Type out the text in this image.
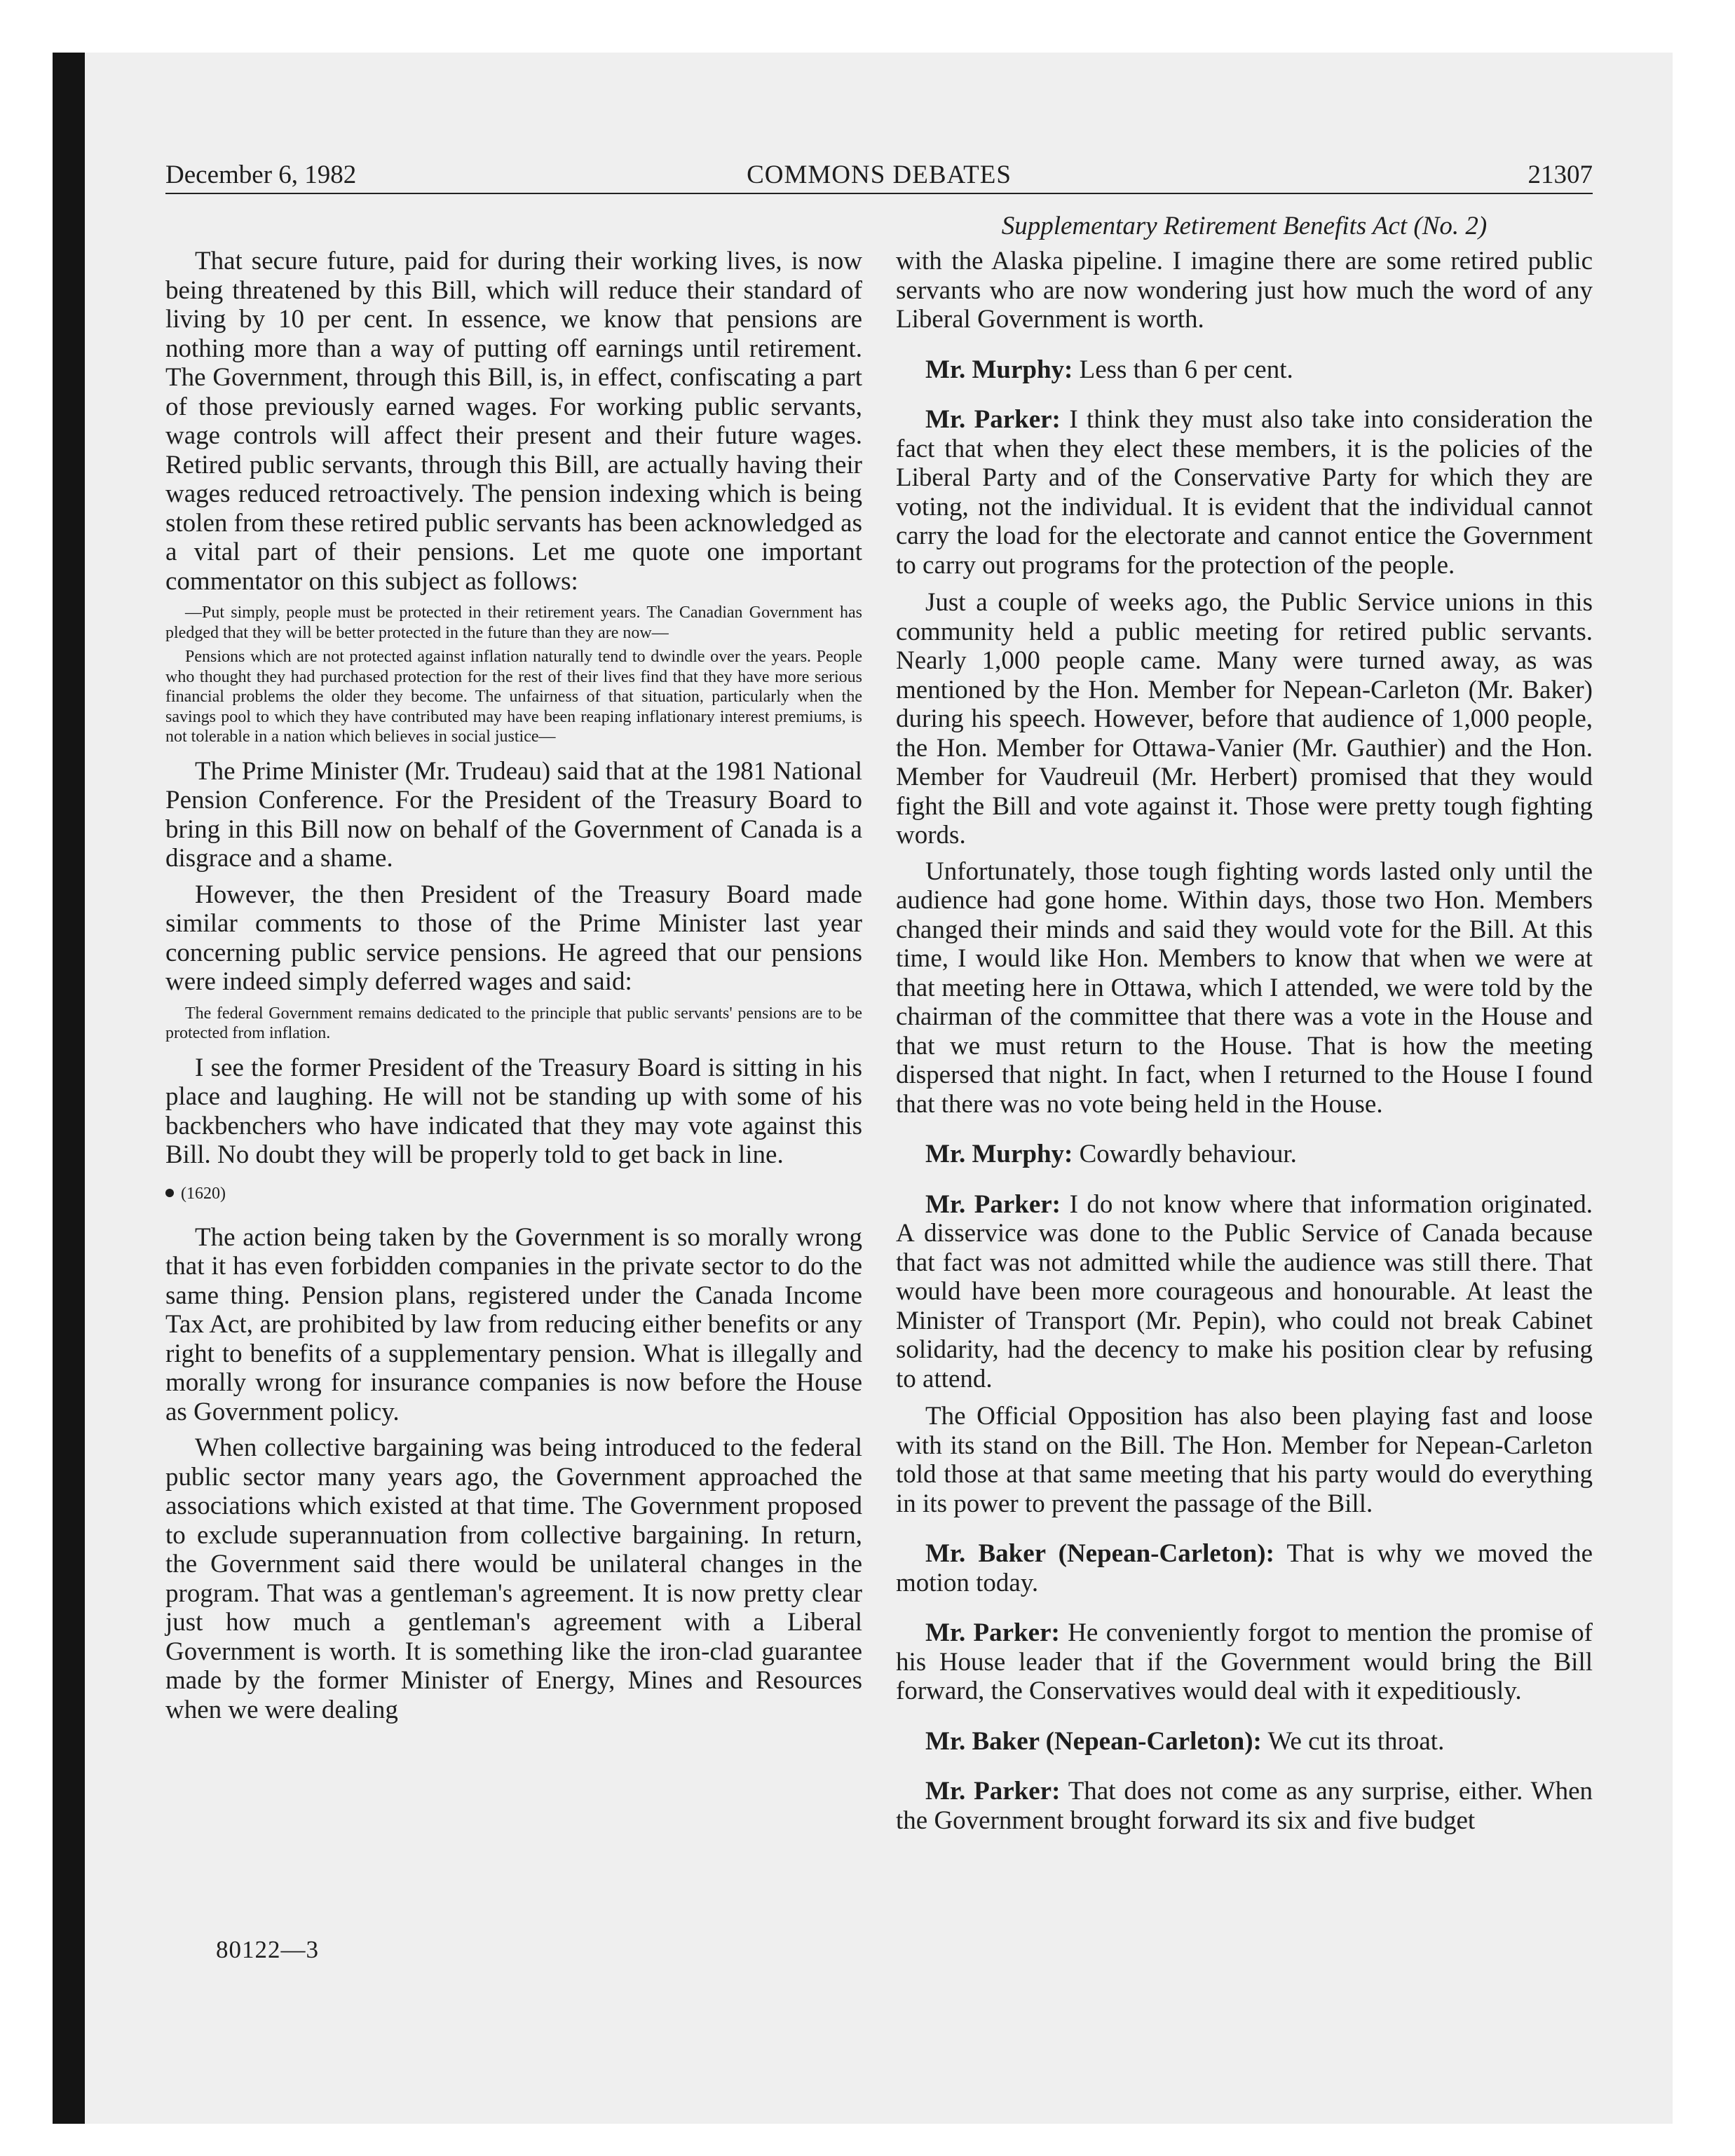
December 6, 1982	COMMONS DEBATES	21307
Supplementary Retirement Benefits Act (No. 2)

That secure future, paid for during their working lives, is now being threatened by this Bill, which will reduce their standard of living by 10 per cent. In essence, we know that pensions are nothing more than a way of putting off earnings until retirement. The Government, through this Bill, is, in effect, confiscating a part of those previously earned wages. For working public servants, wage controls will affect their present and their future wages. Retired public servants, through this Bill, are actually having their wages reduced retroactively. The pension indexing which is being stolen from these retired public servants has been acknowledged as a vital part of their pensions. Let me quote one important commentator on this subject as follows:

—Put simply, people must be protected in their retirement years. The Canadian Government has pledged that they will be better protected in the future than they are now—

Pensions which are not protected against inflation naturally tend to dwindle over the years. People who thought they had purchased protection for the rest of their lives find that they have more serious financial problems the older they become. The unfairness of that situation, particularly when the savings pool to which they have contributed may have been reaping inflationary interest premiums, is not tolerable in a nation which believes in social justice—

The Prime Minister (Mr. Trudeau) said that at the 1981 National Pension Conference. For the President of the Treasury Board to bring in this Bill now on behalf of the Government of Canada is a disgrace and a shame.

However, the then President of the Treasury Board made similar comments to those of the Prime Minister last year concerning public service pensions. He agreed that our pensions were indeed simply deferred wages and said:

The federal Government remains dedicated to the principle that public servants' pensions are to be protected from inflation.

I see the former President of the Treasury Board is sitting in his place and laughing. He will not be standing up with some of his backbenchers who have indicated that they may vote against this Bill. No doubt they will be properly told to get back in line.

(1620)

The action being taken by the Government is so morally wrong that it has even forbidden companies in the private sector to do the same thing. Pension plans, registered under the Canada Income Tax Act, are prohibited by law from reducing either benefits or any right to benefits of a supplementary pension. What is illegally and morally wrong for insurance companies is now before the House as Government policy.

When collective bargaining was being introduced to the federal public sector many years ago, the Government approached the associations which existed at that time. The Government proposed to exclude superannuation from collective bargaining. In return, the Government said there would be unilateral changes in the program. That was a gentleman's agreement. It is now pretty clear just how much a gentleman's agreement with a Liberal Government is worth. It is something like the iron-clad guarantee made by the former Minister of Energy, Mines and Resources when we were dealing

with the Alaska pipeline. I imagine there are some retired public servants who are now wondering just how much the word of any Liberal Government is worth.

Mr. Murphy: Less than 6 per cent.

Mr. Parker: I think they must also take into consideration the fact that when they elect these members, it is the policies of the Liberal Party and of the Conservative Party for which they are voting, not the individual. It is evident that the individual cannot carry the load for the electorate and cannot entice the Government to carry out programs for the protection of the people.

Just a couple of weeks ago, the Public Service unions in this community held a public meeting for retired public servants. Nearly 1,000 people came. Many were turned away, as was mentioned by the Hon. Member for Nepean-Carleton (Mr. Baker) during his speech. However, before that audience of 1,000 people, the Hon. Member for Ottawa-Vanier (Mr. Gauthier) and the Hon. Member for Vaudreuil (Mr. Herbert) promised that they would fight the Bill and vote against it. Those were pretty tough fighting words.

Unfortunately, those tough fighting words lasted only until the audience had gone home. Within days, those two Hon. Members changed their minds and said they would vote for the Bill. At this time, I would like Hon. Members to know that when we were at that meeting here in Ottawa, which I attended, we were told by the chairman of the committee that there was a vote in the House and that we must return to the House. That is how the meeting dispersed that night. In fact, when I returned to the House I found that there was no vote being held in the House.

Mr. Murphy: Cowardly behaviour.

Mr. Parker: I do not know where that information originated. A disservice was done to the Public Service of Canada because that fact was not admitted while the audience was still there. That would have been more courageous and honourable. At least the Minister of Transport (Mr. Pepin), who could not break Cabinet solidarity, had the decency to make his position clear by refusing to attend.

The Official Opposition has also been playing fast and loose with its stand on the Bill. The Hon. Member for Nepean-Carleton told those at that same meeting that his party would do everything in its power to prevent the passage of the Bill.

Mr. Baker (Nepean-Carleton): That is why we moved the motion today.

Mr. Parker: He conveniently forgot to mention the promise of his House leader that if the Government would bring the Bill forward, the Conservatives would deal with it expeditiously.

Mr. Baker (Nepean-Carleton): We cut its throat.

Mr. Parker: That does not come as any surprise, either. When the Government brought forward its six and five budget

80122—3
